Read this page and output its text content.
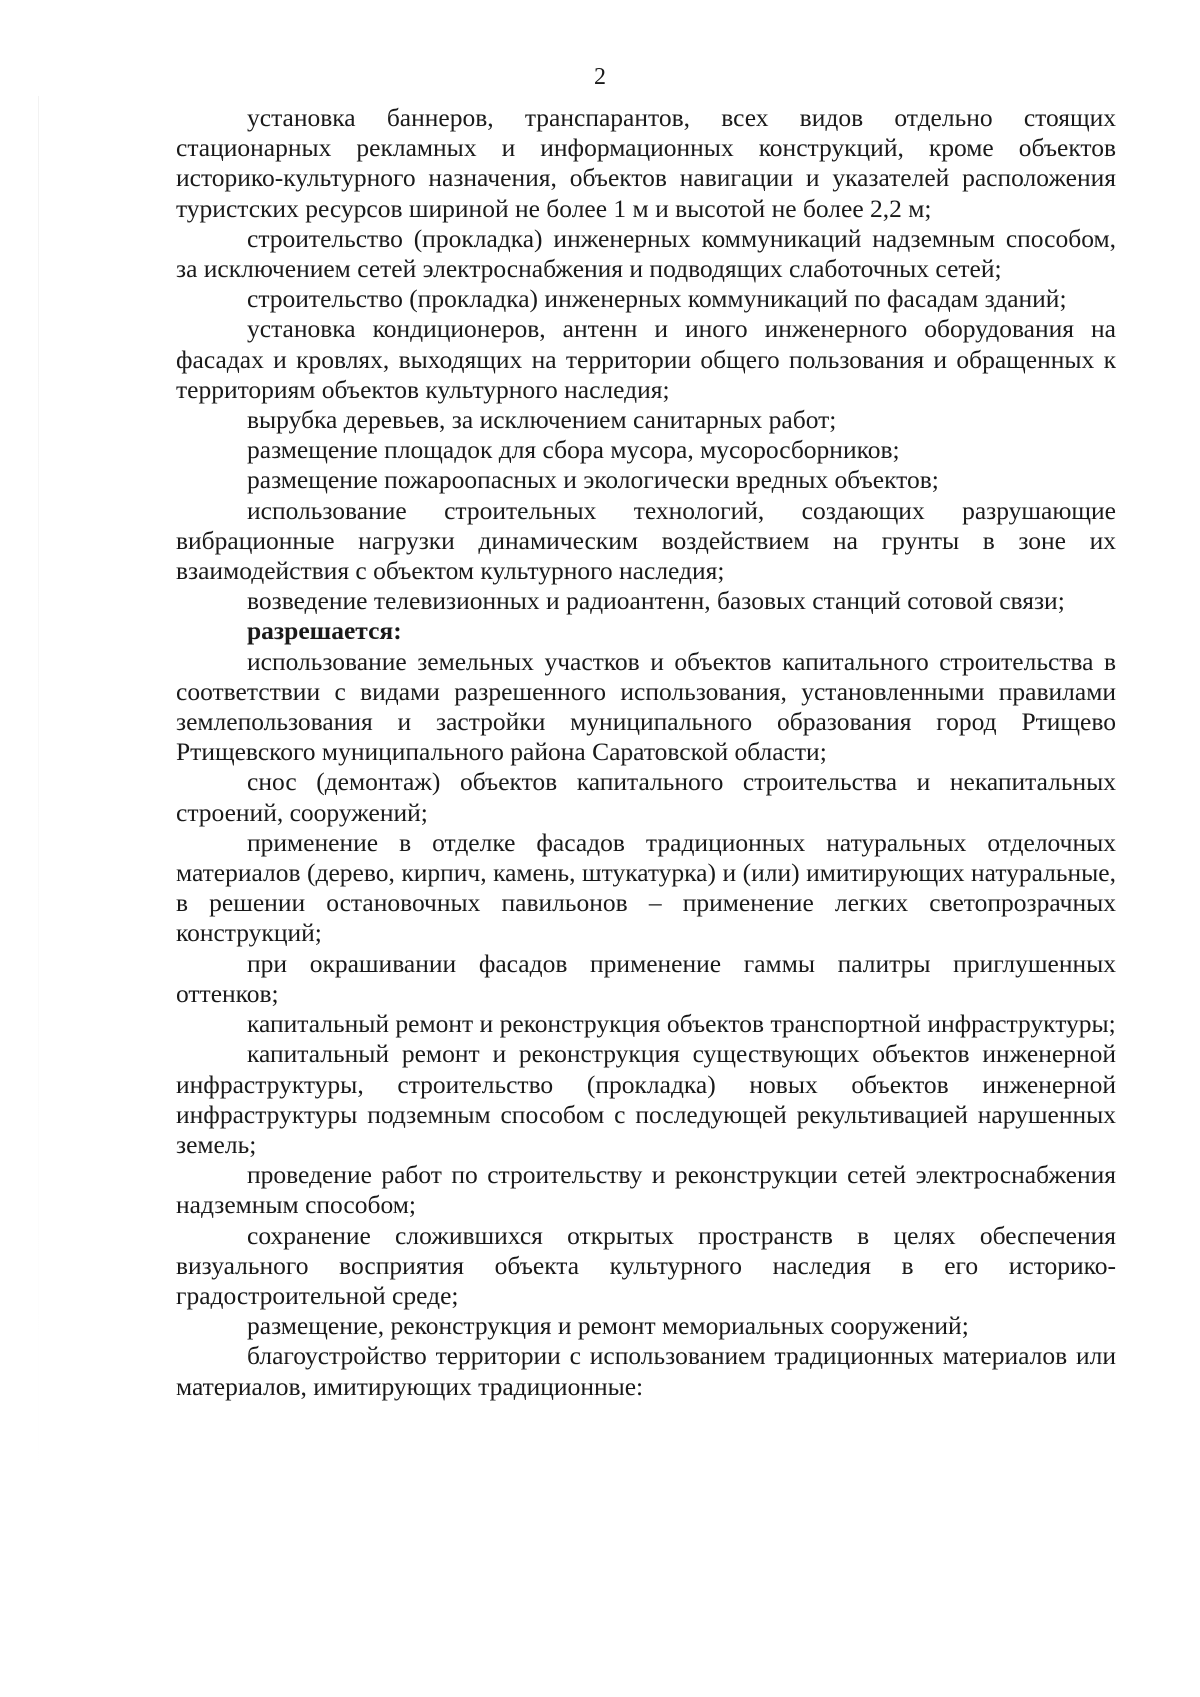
2

установка баннеров, транспарантов, всех видов отдельно стоящих стационарных рекламных и информационных конструкций, кроме объектов историко-культурного назначения, объектов навигации и указателей расположения туристских ресурсов шириной не более 1 м и высотой не более 2,2 м;

строительство (прокладка) инженерных коммуникаций надземным способом, за исключением сетей электроснабжения и подводящих слаботочных сетей;

строительство (прокладка) инженерных коммуникаций по фасадам зданий;

установка кондиционеров, антенн и иного инженерного оборудования на фасадах и кровлях, выходящих на территории общего пользования и обращенных к территориям объектов культурного наследия;

вырубка деревьев, за исключением санитарных работ;

размещение площадок для сбора мусора, мусоросборников;

размещение пожароопасных и экологически вредных объектов;

использование строительных технологий, создающих разрушающие вибрационные нагрузки динамическим воздействием на грунты в зоне их взаимодействия с объектом культурного наследия;

возведение телевизионных и радиоантенн, базовых станций сотовой связи;

разрешается:

использование земельных участков и объектов капитального строительства в соответствии с видами разрешенного использования, установленными правилами землепользования и застройки муниципального образования город Ртищево Ртищевского муниципального района Саратовской области;

снос (демонтаж) объектов капитального строительства и некапитальных строений, сооружений;

применение в отделке фасадов традиционных натуральных отделочных материалов (дерево, кирпич, камень, штукатурка) и (или) имитирующих натуральные, в решении остановочных павильонов – применение легких светопрозрачных конструкций;

при окрашивании фасадов применение гаммы палитры приглушенных оттенков;

капитальный ремонт и реконструкция объектов транспортной инфраструктуры;

капитальный ремонт и реконструкция существующих объектов инженерной инфраструктуры, строительство (прокладка) новых объектов инженерной инфраструктуры подземным способом с последующей рекультивацией нарушенных земель;

проведение работ по строительству и реконструкции сетей электроснабжения надземным способом;

сохранение сложившихся открытых пространств в целях обеспечения визуального восприятия объекта культурного наследия в его историко-градостроительной среде;

размещение, реконструкция и ремонт мемориальных сооружений;

благоустройство территории с использованием традиционных материалов или материалов, имитирующих традиционные:
